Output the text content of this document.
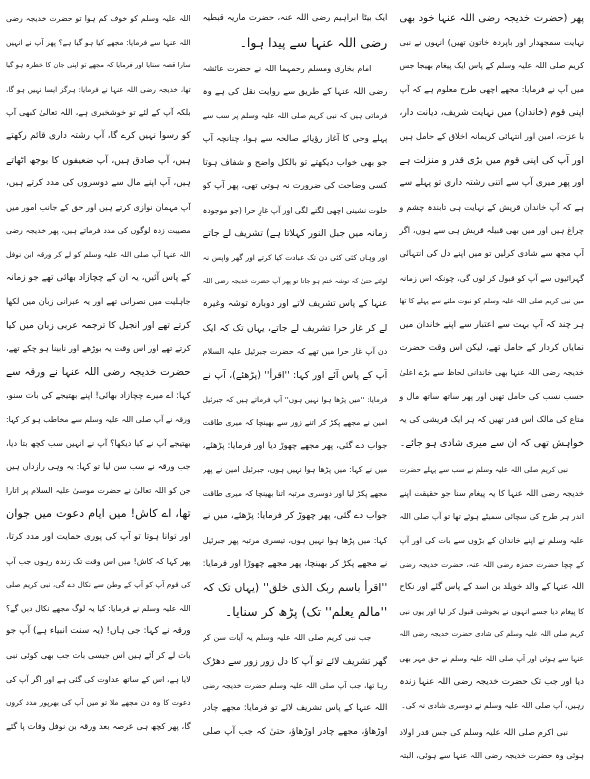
پھر (حضرت خدیجہ رضی اللہ عنہا خود بھی
نہایت سمجھدار اور باپردہ خاتون تھیں) انہوں نے نبی
کریم صلی اللہ علیہ وسلم کے پاس ایک پیغام بھیجا جس
میں آپ نے فرمایا: مجھے اچھی طرح معلوم ہے کہ آپ
اپنی قوم (خاندان) میں نہایت شریف، دیانت دار،
با عزت، امین اور انتہائی کریمانہ اخلاق کے حامل ہیں
اور آپ کی اپنی قوم میں بڑی قدر و منزلت ہے
اور پھر میری آپ سے اتنی رشتہ داری تو پہلے سے
ہے کہ آپ خاندان قریش کے نہایت ہی تابندہ چشم و
چراغ ہیں اور میں بھی قبیلہ قریش ہی سے ہوں، اگر
آپ مجھ سے شادی کرلیں تو میں اپنے دل کی انتہائی
گہرائیوں سے آپ کو قبول کر لوں گی، چونکہ اس زمانہ
میں نبی کریم صلی اللہ علیہ وسلم کو نبوت ملنے سے پہلے کا تھا
ہر چند کہ آپ بہت سے اعتبار سے اپنے خاندان میں
نمایاں کردار کے حامل تھے، لیکن اس وقت حضرت
خدیجہ رضی اللہ عنہا بھی خاندانی لحاظ سے بڑے اعلیٰ
حسب نسب کی حامل تھیں اور پھر ساتھ ساتھ مال و
متاع کی مالک اس قدر تھیں کہ ہر ایک قریشی کی یہ
خواہش تھی کہ ان سے میری شادی ہو جائے۔
نبی کریم صلی اللہ علیہ وسلم نے سب سے پہلے حضرت
خدیجہ رضی اللہ عنہا کا یہ پیغام سنا جو حقیقت اپنے
اندر ہر طرح کی سچائی سمیٹے ہوئے تھا تو آپ صلی اللہ
علیہ وسلم نے اپنے خاندان کے بڑوں سے بات کی اور آپ
کے چچا حضرت حمزہ رضی اللہ عنہ، حضرت خدیجہ رضی
اللہ عنہا کے والد خویلد بن اسد کے پاس گئے اور نکاح
کا پیغام دیا جسے انہوں نے بخوشی قبول کر لیا اور یوں نبی
کریم صلی اللہ علیہ وسلم کی شادی حضرت خدیجہ رضی اللہ
عنہا سے ہوئی اور آپ صلی اللہ علیہ وسلم نے حق مہر بھی
دیا اور جب تک حضرت خدیجہ رضی اللہ عنہا زندہ
رہیں، آپ صلی اللہ علیہ وسلم نے دوسری شادی نہ کی۔
نبی اکرم صلی اللہ علیہ وسلم کی جس قدر اولاد
ہوئی وہ حضرت خدیجہ رضی اللہ عنہا سے ہوئی، البتہ
ایک بیٹا ابراہیم رضی اللہ عنہ، حضرت ماریہ قبطیہ
رضی اللہ عنہا سے پیدا ہوا۔
امام بخاری ومسلم رحمہما اللہ نے حضرت عائشہ
رضی اللہ عنہا کے طریق سے روایت نقل کی ہے وہ
فرماتی ہیں کہ نبی کریم صلی اللہ علیہ وسلم پر سب سے
پہلے وحی کا آغاز رؤیائے صالحہ سے ہوا، چنانچہ آپ
جو بھی خواب دیکھتے تو بالکل واضح و شفاف ہوتا
کسی وضاحت کی ضرورت نہ ہوتی تھی، پھر آپ کو
خلوت نشینی اچھی لگنے لگی اور آپ غارِ حرا (جو موجودہ
زمانہ میں جبل النور کہلاتا ہے) تشریف لے جاتے
اور وہاں کئی کئی دن تک عبادت کیا کرتے اور گھر واپس نہ
لوٹتے حتیٰ کہ توشہ ختم ہو جاتا تو پھر آپ حضرت خدیجہ رضی اللہ
عنہا کے پاس تشریف لاتے اور دوبارہ توشہ وغیرہ
لے کر غار حرا تشریف لے جاتے، یہاں تک کہ ایک
دن آپ غار حرا میں تھے کہ حضرت جبرئیل علیہ السلام
آپ کے پاس آئے اور کہا: ''اقرأ'' (پڑھئے)، آپ نے
فرمایا: ''میں پڑھا ہوا نہیں ہوں'' آپ فرماتے ہیں کہ جبرئیل
امین نے مجھے پکڑ کر اتنے زور سے بھینچا کہ میری طاقت
جواب دے گئی، پھر مجھے چھوڑ دیا اور فرمایا: پڑھئے،
میں نے کہا: میں پڑھا ہوا نہیں ہوں، جبرئیل امین نے پھر
مجھے پکڑ لیا اور دوسری مرتبہ اتنا بھینچا کہ میری طاقت
جواب دے گئی، پھر چھوڑ کر فرمایا: پڑھئے، میں نے
کہا: میں پڑھا ہوا نہیں ہوں، تیسری مرتبہ پھر جبرئیل
نے مجھے پکڑ کر بھینچا، پھر مجھے چھوڑا اور فرمایا:
''اقرأ باسم ربک الذی خلق'' (یہاں تک کہ
''مالم یعلم'' تک) پڑھ کر سنایا۔
جب نبی کریم صلی اللہ علیہ وسلم یہ آیات سن کر
گھر تشریف لائے تو آپ کا دل زور زور سے دھڑک
رہا تھا، جب آپ صلی اللہ علیہ وسلم حضرت خدیجہ رضی
اللہ عنہا کے پاس تشریف لائے تو فرمایا: مجھے چادر
اوڑھاؤ، مجھے چادر اوڑھاؤ، حتیٰ کہ جب آپ صلی
اللہ علیہ وسلم کو خوف کم ہوا تو حضرت خدیجہ رضی
اللہ عنہا سے فرمایا: مجھے کیا ہو گیا ہے؟ پھر آپ نے انہیں
سارا قصہ سنایا اور فرمایا کہ مجھے تو اپنی جان کا خطرہ ہو گیا
تھا، خدیجہ رضی اللہ عنہا نے فرمایا: ہرگز ایسا نہیں ہو گا،
بلکہ آپ کے لئے تو خوشخبری ہے، اللہ تعالیٰ کبھی آپ
کو رسوا نہیں کرے گا، آپ رشتہ داری قائم رکھتے
ہیں، آپ صادق ہیں، آپ ضعیفوں کا بوجھ اٹھاتے
ہیں، آپ اپنے مال سے دوسروں کی مدد کرتے ہیں،
آپ مہمان نوازی کرتے ہیں اور حق کے جانب امور میں
مصیبت زدہ لوگوں کی مدد فرماتے ہیں، پھر خدیجہ رضی
اللہ عنہا آپ صلی اللہ علیہ وسلم کو لے کر ورقہ ابن نوفل
کے پاس آئیں، یہ ان کے چچازاد بھائی تھے جو زمانہ
جاہلیت میں نصرانی تھے اور یہ عبرانی زبان میں لکھا
کرتے تھے اور انجیل کا ترجمہ عربی زبان میں کیا
کرتے تھے اور اس وقت یہ بوڑھے اور نابینا ہو چکے تھے،
حضرت خدیجہ رضی اللہ عنہا نے ورقہ سے
کہا: اے میرے چچازاد بھائی! اپنے بھتیجے کی بات سنو،
ورقہ نے آپ صلی اللہ علیہ وسلم سے مخاطب ہو کر کہا:
بھتیجے آپ نے کیا دیکھا؟ آپ نے انہیں سب کچھ بتا دیا،
جب ورقہ نے سب سن لیا تو کہا: یہ وہی رازداں ہیں
جن کو اللہ تعالیٰ نے حضرت موسیٰ علیہ السلام پر اتارا
تھا، اے کاش! میں ایام دعوت میں جوان
اور توانا ہوتا تو آپ کی پوری حمایت اور مدد کرتا،
پھر کہا کہ کاش! میں اس وقت تک زندہ رہوں جب آپ
کی قوم آپ کو آپ کے وطن سے نکال دے گی، نبی کریم صلی
اللہ علیہ وسلم نے فرمایا: کیا یہ لوگ مجھے نکال دیں گے؟
ورقہ نے کہا: جی ہاں! (یہ سنت انبیاء ہے) آپ جو
بات لے کر آئے ہیں اس جیسی بات جب بھی کوئی نبی
لایا ہے، اس کے ساتھ عداوت کی گئی ہے اور اگر آپ کی
دعوت کا وہ دن مجھے ملا تو میں آپ کی بھرپور مدد کروں
گا، پھر کچھ ہی عرصہ بعد ورقہ بن نوفل وفات پا گئے
